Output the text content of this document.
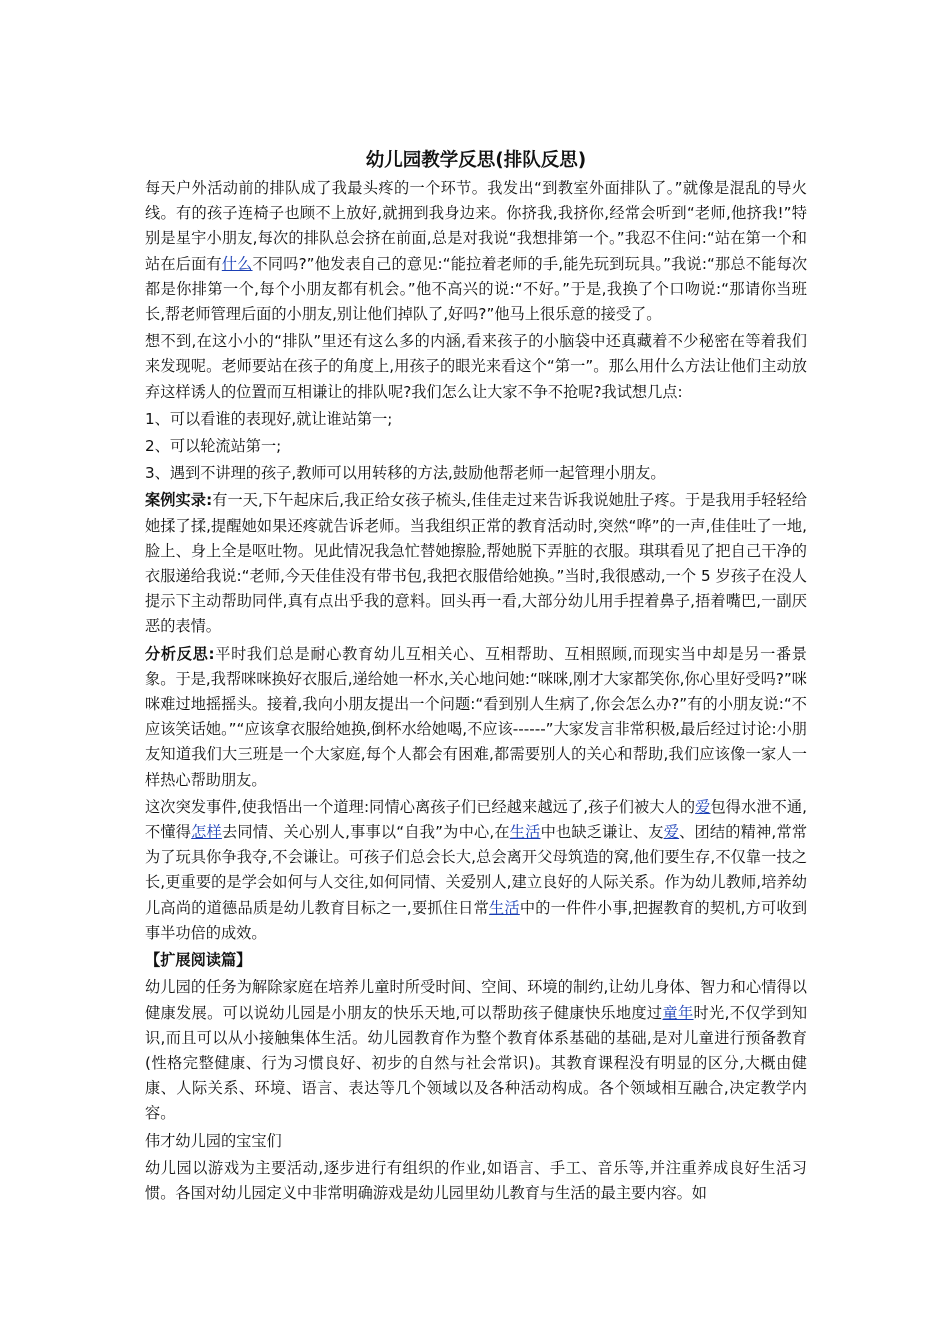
幼儿园教学反思(排队反思)

每天户外活动前的排队成了我最头疼的一个环节。我发出“到教室外面排队了。”就像是混乱的导火线。有的孩子连椅子也顾不上放好,就拥到我身边来。你挤我,我挤你,经常会听到“老师,他挤我!”特别是星宇小朋友,每次的排队总会挤在前面,总是对我说“我想排第一个。”我忍不住问:“站在第一个和站在后面有什么不同吗?”他发表自己的意见:“能拉着老师的手,能先玩到玩具。”我说:“那总不能每次都是你排第一个,每个小朋友都有机会。”他不高兴的说:“不好。”于是,我换了个口吻说:“那请你当班长,帮老师管理后面的小朋友,别让他们掉队了,好吗?”他马上很乐意的接受了。

想不到,在这小小的“排队”里还有这么多的内涵,看来孩子的小脑袋中还真藏着不少秘密在等着我们来发现呢。老师要站在孩子的角度上,用孩子的眼光来看这个“第一”。那么用什么方法让他们主动放弃这样诱人的位置而互相谦让的排队呢?我们怎么让大家不争不抢呢?我试想几点:

1、可以看谁的表现好,就让谁站第一;

2、可以轮流站第一;

3、遇到不讲理的孩子,教师可以用转移的方法,鼓励他帮老师一起管理小朋友。

案例实录:有一天,下午起床后,我正给女孩子梳头,佳佳走过来告诉我说她肚子疼。于是我用手轻轻给她揉了揉,提醒她如果还疼就告诉老师。当我组织正常的教育活动时,突然“哗”的一声,佳佳吐了一地,脸上、身上全是呕吐物。见此情况我急忙替她擦脸,帮她脱下弄脏的衣服。琪琪看见了把自己干净的衣服递给我说:“老师,今天佳佳没有带书包,我把衣服借给她换。”当时,我很感动,一个 5 岁孩子在没人提示下主动帮助同伴,真有点出乎我的意料。回头再一看,大部分幼儿用手捏着鼻子,捂着嘴巴,一副厌恶的表情。

分析反思:平时我们总是耐心教育幼儿互相关心、互相帮助、互相照顾,而现实当中却是另一番景象。于是,我帮咪咪换好衣服后,递给她一杯水,关心地问她:“咪咪,刚才大家都笑你,你心里好受吗?”咪咪难过地摇摇头。接着,我向小朋友提出一个问题:“看到别人生病了,你会怎么办?”有的小朋友说:“不应该笑话她。”“应该拿衣服给她换,倒杯水给她喝,不应该------”大家发言非常积极,最后经过讨论:小朋友知道我们大三班是一个大家庭,每个人都会有困难,都需要别人的关心和帮助,我们应该像一家人一样热心帮助朋友。

这次突发事件,使我悟出一个道理:同情心离孩子们已经越来越远了,孩子们被大人的爱包得水泄不通,不懂得怎样去同情、关心别人,事事以“自我”为中心,在生活中也缺乏谦让、友爱、团结的精神,常常为了玩具你争我夺,不会谦让。可孩子们总会长大,总会离开父母筑造的窝,他们要生存,不仅靠一技之长,更重要的是学会如何与人交往,如何同情、关爱别人,建立良好的人际关系。作为幼儿教师,培养幼儿高尚的道德品质是幼儿教育目标之一,要抓住日常生活中的一件件小事,把握教育的契机,方可收到事半功倍的成效。

【扩展阅读篇】

幼儿园的任务为解除家庭在培养儿童时所受时间、空间、环境的制约,让幼儿身体、智力和心情得以健康发展。可以说幼儿园是小朋友的快乐天地,可以帮助孩子健康快乐地度过童年时光,不仅学到知识,而且可以从小接触集体生活。幼儿园教育作为整个教育体系基础的基础,是对儿童进行预备教育(性格完整健康、行为习惯良好、初步的自然与社会常识)。其教育课程没有明显的区分,大概由健康、人际关系、环境、语言、表达等几个领域以及各种活动构成。各个领域相互融合,决定教学内容。

伟才幼儿园的宝宝们

幼儿园以游戏为主要活动,逐步进行有组织的作业,如语言、手工、音乐等,并注重养成良好生活习惯。各国对幼儿园定义中非常明确游戏是幼儿园里幼儿教育与生活的最主要内容。如
